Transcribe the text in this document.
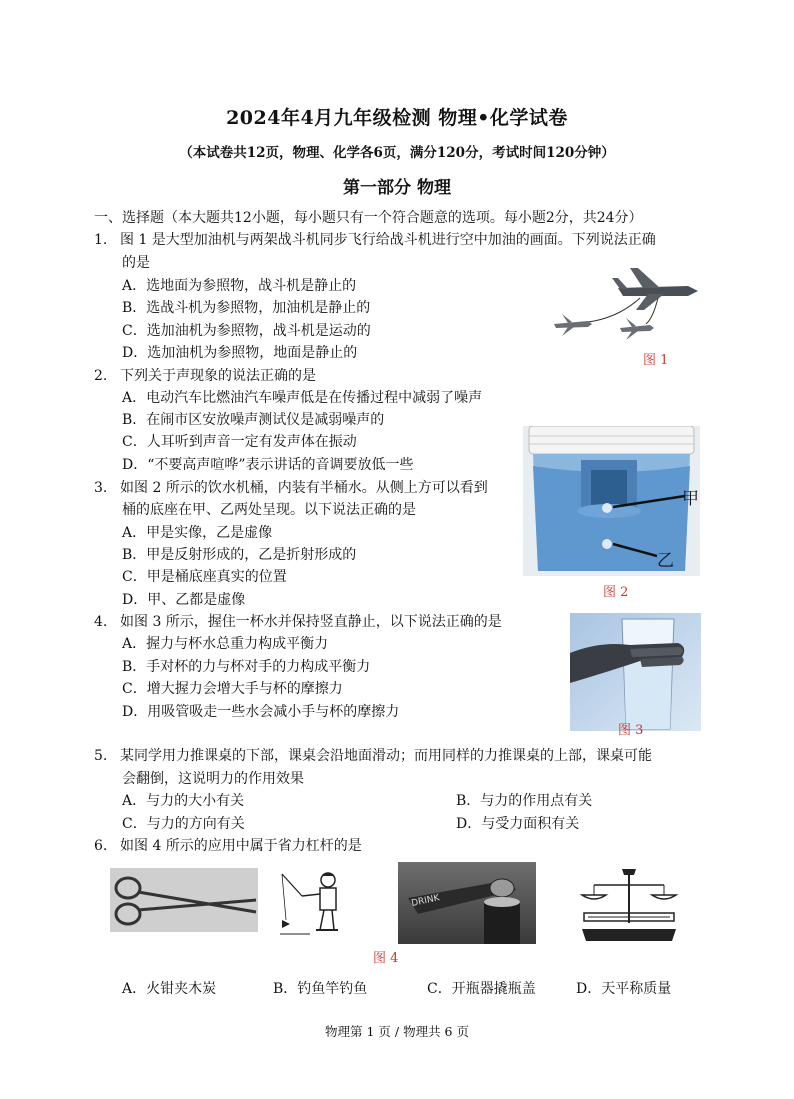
2024年4月九年级检测 物理•化学试卷
（本试卷共12页，物理、化学各6页，满分120分，考试时间120分钟）
第一部分 物理
一、选择题（本大题共12小题，每小题只有一个符合题意的选项。每小题2分，共24分）
1. 图 1 是大型加油机与两架战斗机同步飞行给战斗机进行空中加油的画面。下列说法正确
的是
A．选地面为参照物，战斗机是静止的
B．选战斗机为参照物，加油机是静止的
C．选加油机为参照物，战斗机是运动的
D．选加油机为参照物，地面是静止的	图 1
2. 下列关于声现象的说法正确的是
A．电动汽车比燃油汽车噪声低是在传播过程中减弱了噪声
B．在闹市区安放噪声测试仪是减弱噪声的
C．人耳听到声音一定有发声体在振动
D．“不要高声喧哗”表示讲话的音调要放低一些
甲
乙
图 2
3. 如图 2 所示的饮水机桶，内装有半桶水。从侧上方可以看到
桶的底座在甲、乙两处呈现。以下说法正确的是
A．甲是实像，乙是虚像
B．甲是反射形成的，乙是折射形成的
C．甲是桶底座真实的位置
D．甲、乙都是虚像
4. 如图 3 所示，握住一杯水并保持竖直静止，以下说法正确的是
A．握力与杯水总重力构成平衡力
B．手对杯的力与杯对手的力构成平衡力
C．增大握力会增大手与杯的摩擦力
D．用吸管吸走一些水会减小手与杯的摩擦力
图 3
5. 某同学用力推课桌的下部，课桌会沿地面滑动；而用同样的力推课桌的上部，课桌可能
会翻倒，这说明力的作用效果
A．与力的大小有关	B．与力的作用点有关
C．与力的方向有关	D．与受力面积有关
6. 如图 4 所示的应用中属于省力杠杆的是
DRINK
图 4
A．火钳夹木炭	B．钓鱼竿钓鱼	C．开瓶器撬瓶盖	D．天平称质量
物理第 1 页 / 物理共 6 页
